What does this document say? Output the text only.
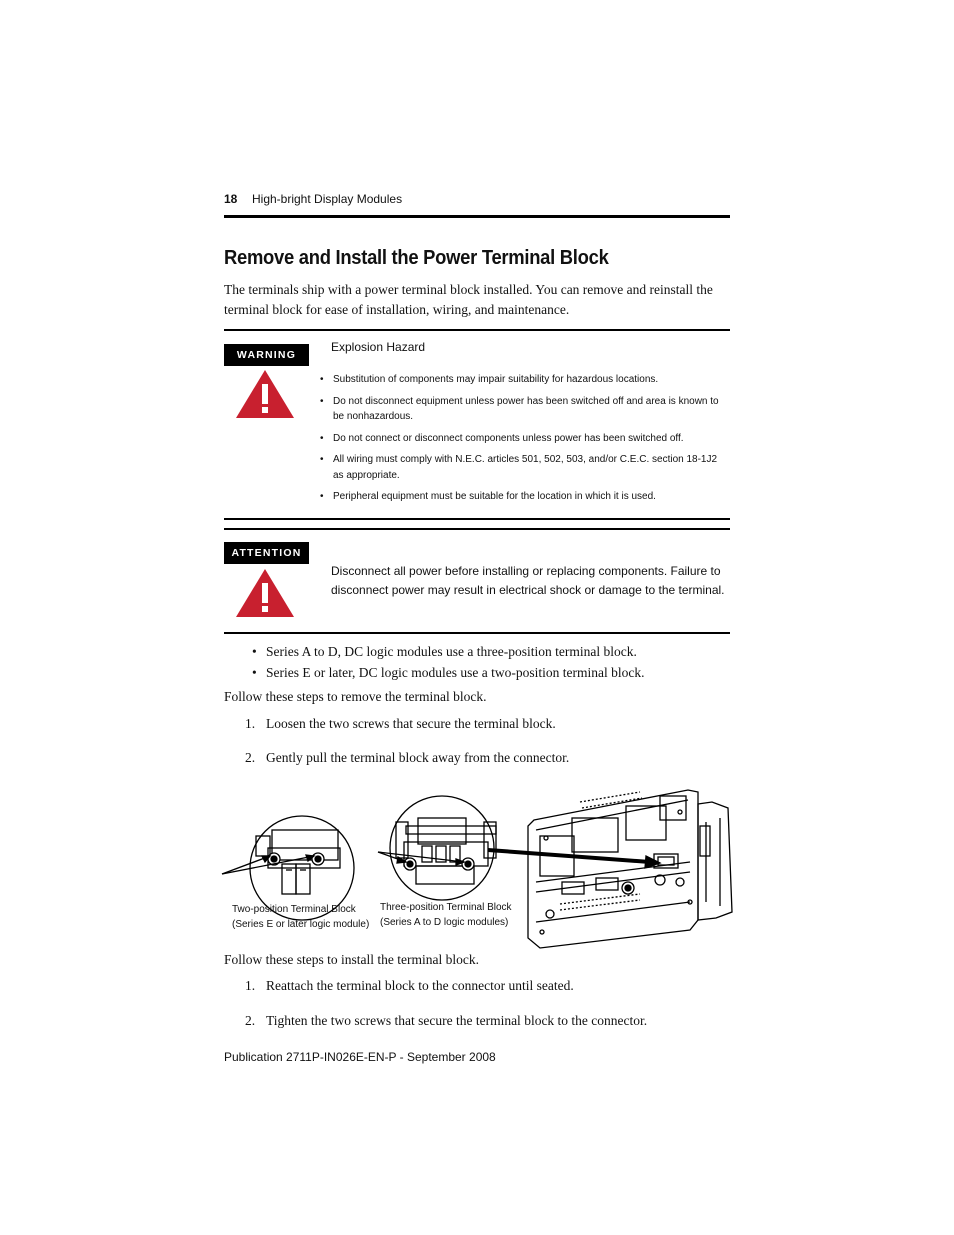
18 High-bright Display Modules
Remove and Install the Power Terminal Block
The terminals ship with a power terminal block installed. You can remove and reinstall the terminal block for ease of installation, wiring, and maintenance.
WARNING
Explosion Hazard
• Substitution of components may impair suitability for hazardous locations.
• Do not disconnect equipment unless power has been switched off and area is known to be nonhazardous.
• Do not connect or disconnect components unless power has been switched off.
• All wiring must comply with N.E.C. articles 501, 502, 503, and/or C.E.C. section 18-1J2 as appropriate.
• Peripheral equipment must be suitable for the location in which it is used.
ATTENTION
Disconnect all power before installing or replacing components. Failure to disconnect power may result in electrical shock or damage to the terminal.
• Series A to D, DC logic modules use a three-position terminal block.
• Series E or later, DC logic modules use a two-position terminal block.
Follow these steps to remove the terminal block.
1. Loosen the two screws that secure the terminal block.
2. Gently pull the terminal block away from the connector.
Two-position Terminal Block
(Series E or later logic module)
Three-position Terminal Block
(Series A to D logic modules)
Follow these steps to install the terminal block.
1. Reattach the terminal block to the connector until seated.
2. Tighten the two screws that secure the terminal block to the connector.
Publication 2711P-IN026E-EN-P - September 2008
